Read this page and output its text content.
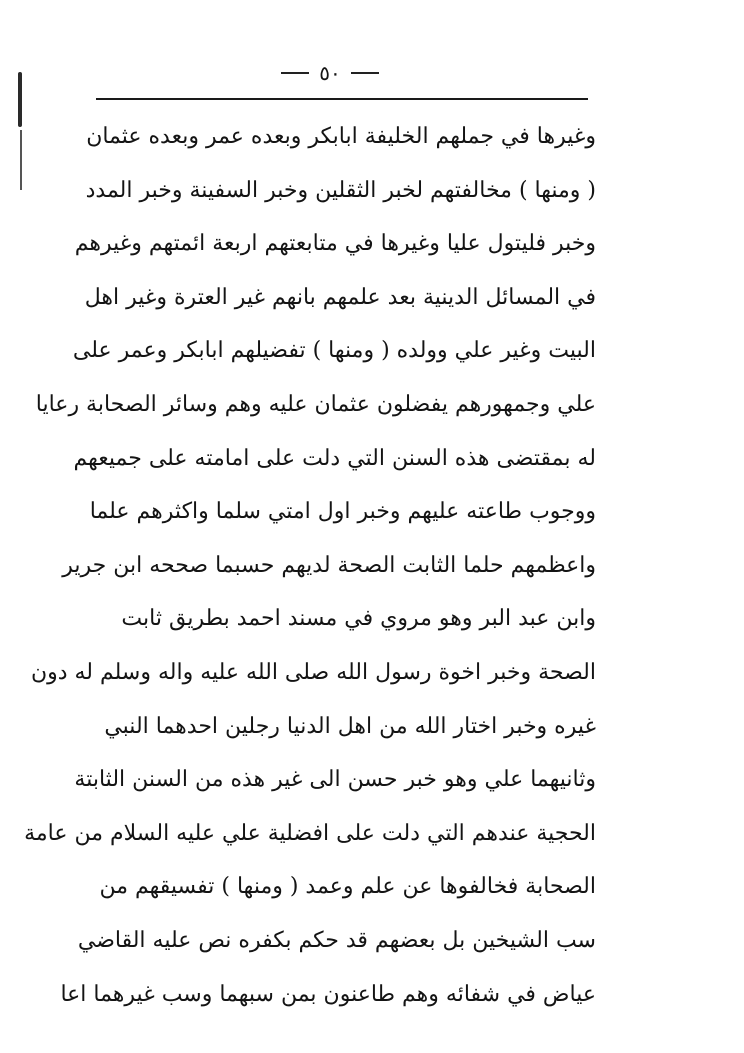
٥٠
وغيرها في جملهم الخليفة ابابكر وبعده عمر وبعده عثمان
( ومنها ) مخالفتهم لخبر الثقلين وخبر السفينة وخبر المدد
وخبر فليتول عليا وغيرها في متابعتهم اربعة ائمتهم وغيرهم
في المسائل الدينية بعد علمهم بانهم غير العترة وغير اهل
البيت وغير علي وولده ( ومنها ) تفضيلهم ابابكر وعمر على
علي وجمهورهم يفضلون عثمان عليه وهم وسائر الصحابة رعايا
له بمقتضى هذه السنن التي دلت على امامته على جميعهم
ووجوب طاعته عليهم وخبر اول امتي سلما واكثرهم علما
واعظمهم حلما الثابت الصحة لديهم حسبما صححه ابن جرير
وابن عبد البر وهو مروي في مسند احمد بطريق ثابت
الصحة وخبر اخوة رسول الله صلى الله عليه واله وسلم له دون
غيره وخبر اختار الله من اهل الدنيا رجلين احدهما النبي
وثانيهما علي وهو خبر حسن الى غير هذه من السنن الثابتة
الحجية عندهم التي دلت على افضلية علي عليه السلام من عامة
الصحابة فخالفوها عن علم وعمد ( ومنها ) تفسيقهم من
سب الشيخين بل بعضهم قد حكم بكفره نص عليه القاضي
عياض في شفائه وهم طاعنون بمن سبهما وسب غيرهما اعا
